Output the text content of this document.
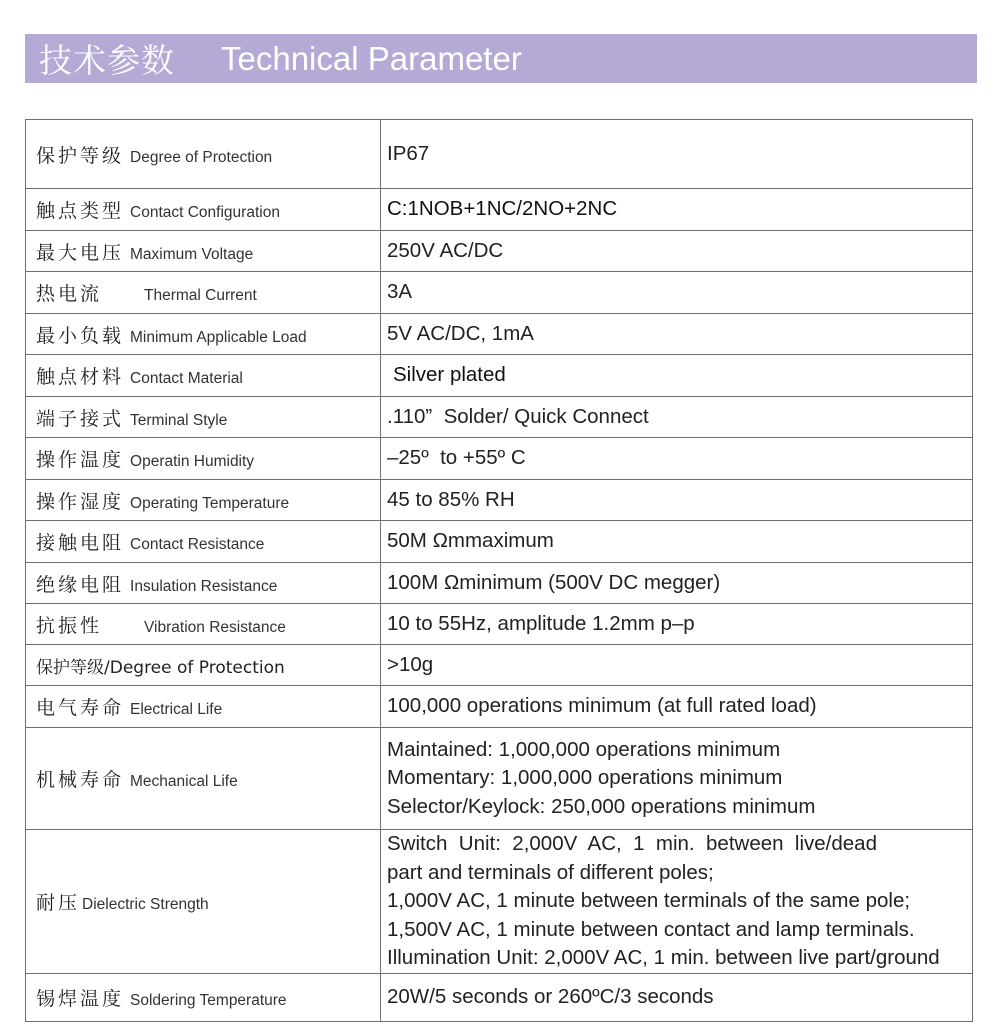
技术参数 Technical Parameter
保护等级 Degree of Protection	IP67
触点类型 Contact Configuration	C:1NOB+1NC/2NO+2NC
最大电压 Maximum Voltage	250V AC/DC
热电流 Thermal Current	3A
最小负载 Minimum Applicable Load	5V AC/DC, 1mA
触点材料 Contact Material	Silver plated
端子接式 Terminal Style	.110”  Solder/ Quick Connect
操作温度 Operatin Humidity	–25º  to +55º C
操作湿度 Operating Temperature	45 to 85% RH
接触电阻 Contact Resistance	50M Ωmmaximum
绝缘电阻 Insulation Resistance	100M Ωminimum (500V DC megger)
抗振性 Vibration Resistance	10 to 55Hz, amplitude 1.2mm p–p
保护等级/Degree of Protection	>10g
电气寿命 Electrical Life	100,000 operations minimum (at full rated load)
机械寿命 Mechanical Life	Maintained: 1,000,000 operations minimum
Momentary: 1,000,000 operations minimum
Selector/Keylock: 250,000 operations minimum

耐压 Dielectric Strength	Switch  Unit:  2,000V  AC,  1  min.  between  live/dead
part and terminals of different poles;
1,000V AC, 1 minute between terminals of the same pole;
1,500V AC, 1 minute between contact and lamp terminals.
Illumination Unit: 2,000V AC, 1 min. between live part/ground

锡焊温度 Soldering Temperature	20W/5 seconds or 260ºC/3 seconds
